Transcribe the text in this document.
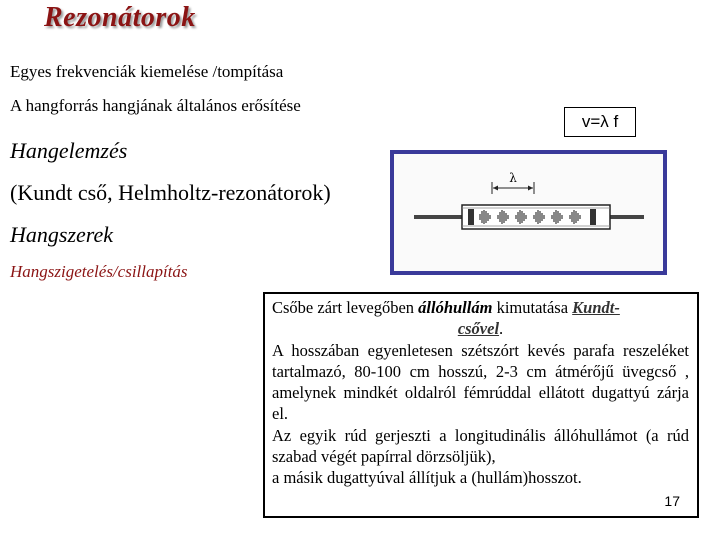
Rezonátorok
Egyes frekvenciák kiemelése /tompítása
A hangforrás hangjának általános erősítése
Hangelemzés
(Kundt cső, Helmholtz-rezonátorok)
Hangszerek
Hangszigetelés/csillapítás
v=λ f
λ

Csőbe zárt levegőben állóhullám kimutatása Kundt-

csővel.

A hosszában egyenletesen szétszórt kevés parafa reszeléket tartalmazó, 80-100 cm hosszú, 2-3 cm átmérőjű üvegcső , amelynek mindkét oldalról fémrúddal ellátott dugattyú zárja el.

Az egyik rúd gerjeszti a longitudinális állóhullámot (a rúd szabad végét papírral dörzsöljük),

a másik dugattyúval állítjuk a (hullám)hosszot.

17
